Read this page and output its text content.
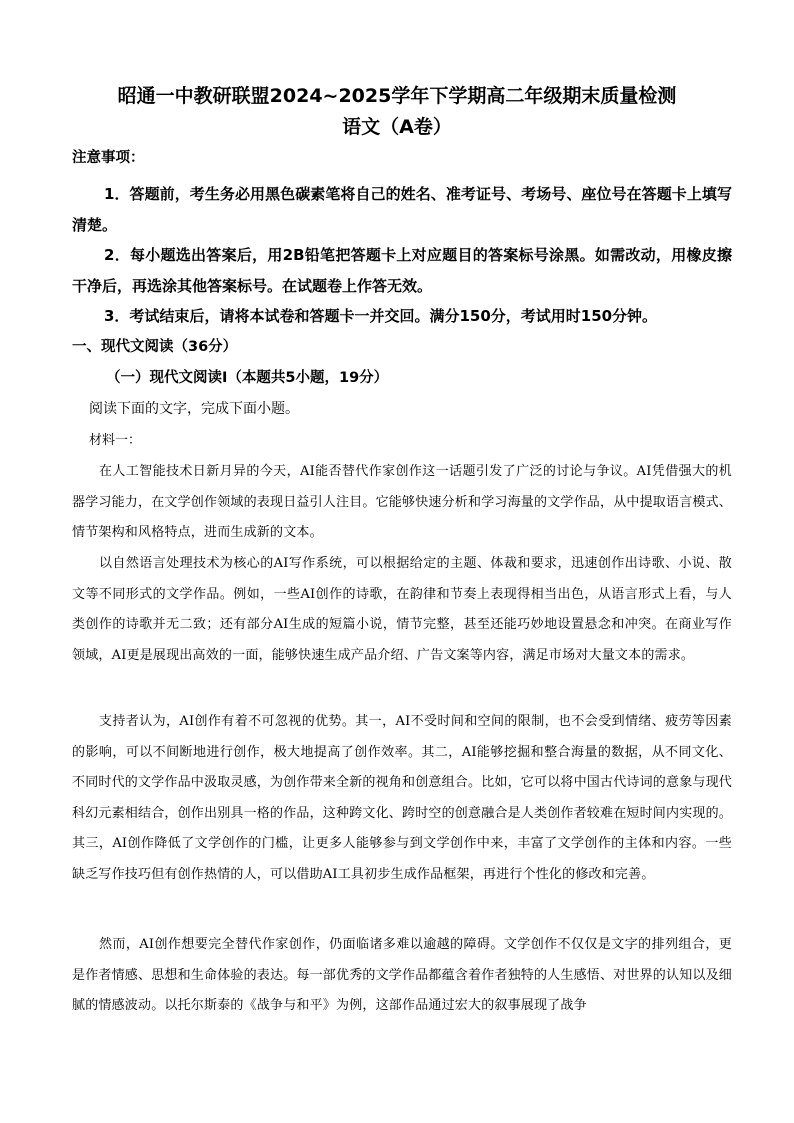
昭通一中教研联盟2024~2025学年下学期高二年级期末质量检测
语文（A卷）
注意事项：
1．答题前，考生务必用黑色碳素笔将自己的姓名、准考证号、考场号、座位号在答题卡上填写清楚。
2．每小题选出答案后，用2B铅笔把答题卡上对应题目的答案标号涂黑。如需改动，用橡皮擦干净后，再选涂其他答案标号。在试题卷上作答无效。
3．考试结束后，请将本试卷和答题卡一并交回。满分150分，考试用时150分钟。
一、现代文阅读（36分）
（一）现代文阅读Ⅰ（本题共5小题，19分）
阅读下面的文字，完成下面小题。
材料一：
在人工智能技术日新月异的今天，AI能否替代作家创作这一话题引发了广泛的讨论与争议。AI凭借强大的机器学习能力，在文学创作领域的表现日益引人注目。它能够快速分析和学习海量的文学作品，从中提取语言模式、情节架构和风格特点，进而生成新的文本。
以自然语言处理技术为核心的AI写作系统，可以根据给定的主题、体裁和要求，迅速创作出诗歌、小说、散文等不同形式的文学作品。例如，一些AI创作的诗歌，在韵律和节奏上表现得相当出色，从语言形式上看，与人类创作的诗歌并无二致；还有部分AI生成的短篇小说，情节完整，甚至还能巧妙地设置悬念和冲突。在商业写作领域，AI更是展现出高效的一面，能够快速生成产品介绍、广告文案等内容，满足市场对大量文本的需求。
支持者认为，AI创作有着不可忽视的优势。其一，AI不受时间和空间的限制，也不会受到情绪、疲劳等因素的影响，可以不间断地进行创作，极大地提高了创作效率。其二，AI能够挖掘和整合海量的数据，从不同文化、不同时代的文学作品中汲取灵感，为创作带来全新的视角和创意组合。比如，它可以将中国古代诗词的意象与现代科幻元素相结合，创作出别具一格的作品，这种跨文化、跨时空的创意融合是人类创作者较难在短时间内实现的。其三，AI创作降低了文学创作的门槛，让更多人能够参与到文学创作中来，丰富了文学创作的主体和内容。一些缺乏写作技巧但有创作热情的人，可以借助AI工具初步生成作品框架，再进行个性化的修改和完善。
然而，AI创作想要完全替代作家创作，仍面临诸多难以逾越的障碍。文学创作不仅仅是文字的排列组合，更是作者情感、思想和生命体验的表达。每一部优秀的文学作品都蕴含着作者独特的人生感悟、对世界的认知以及细腻的情感波动。以托尔斯泰的《战争与和平》为例，这部作品通过宏大的叙事展现了战争
